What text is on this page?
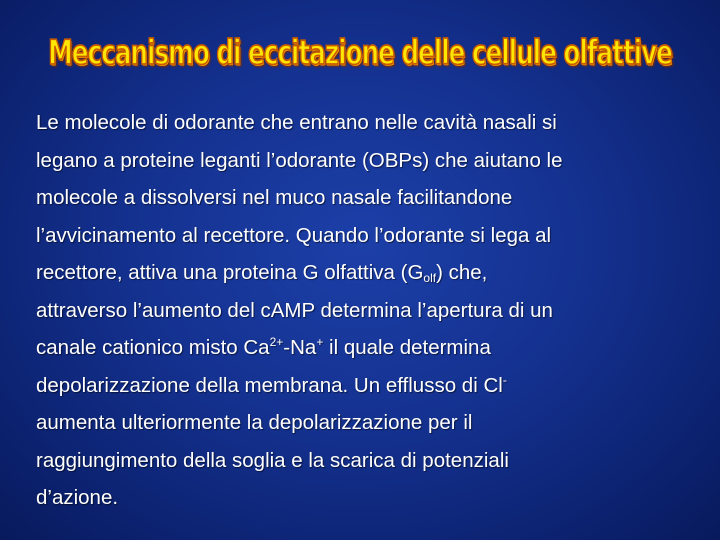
Meccanismo di eccitazione delle cellule olfattive
Le molecole di odorante che entrano nelle cavità nasali si
legano a proteine leganti l’odorante (OBPs) che aiutano le
molecole a dissolversi nel muco nasale facilitandone
l’avvicinamento al recettore. Quando l’odorante si lega al
recettore, attiva una proteina G olfattiva $(G_{olf})$ che,
attraverso l’aumento del cAMP determina l’apertura di un
canale cationico misto $Ca^{2+}-Na^+$ il quale determina
depolarizzazione della membrana. Un efflusso di Cl-
aumenta ulteriormente la depolarizzazione per il
raggiungimento della soglia e la scarica di potenziali
d’azione.
